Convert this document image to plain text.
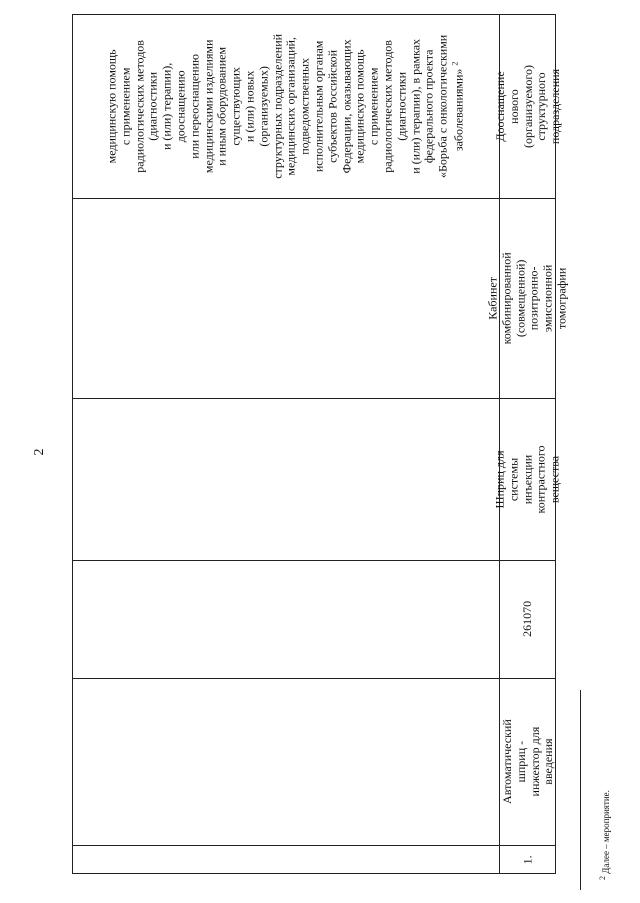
2
1.
Автоматический шприц -
инжектор для введения
261070
Шприц для системы
инъекции контрастного
вещества
Кабинет комбинированной
(совмещенной) позитронно-
эмиссионной томографии
медицинскую помощь
с применением
радиологических методов
(диагностики
и (или) терапии),
дооснащению
или переоснащению
медицинскими изделиями
и иным оборудованием
существующих
и (или) новых
(организуемых)
структурных подразделений
медицинских организаций,
подведомственных
исполнительным органам
субъектов Российской
Федерации, оказывающих
медицинскую помощь
с применением
радиологических методов
(диагностики
и (или) терапии), в рамках
федерального проекта
«Борьба с онкологическими
заболеваниями» $^2$
Дооснащение нового
(организуемого) структурного
подразделения
2 Далее – мероприятие.
